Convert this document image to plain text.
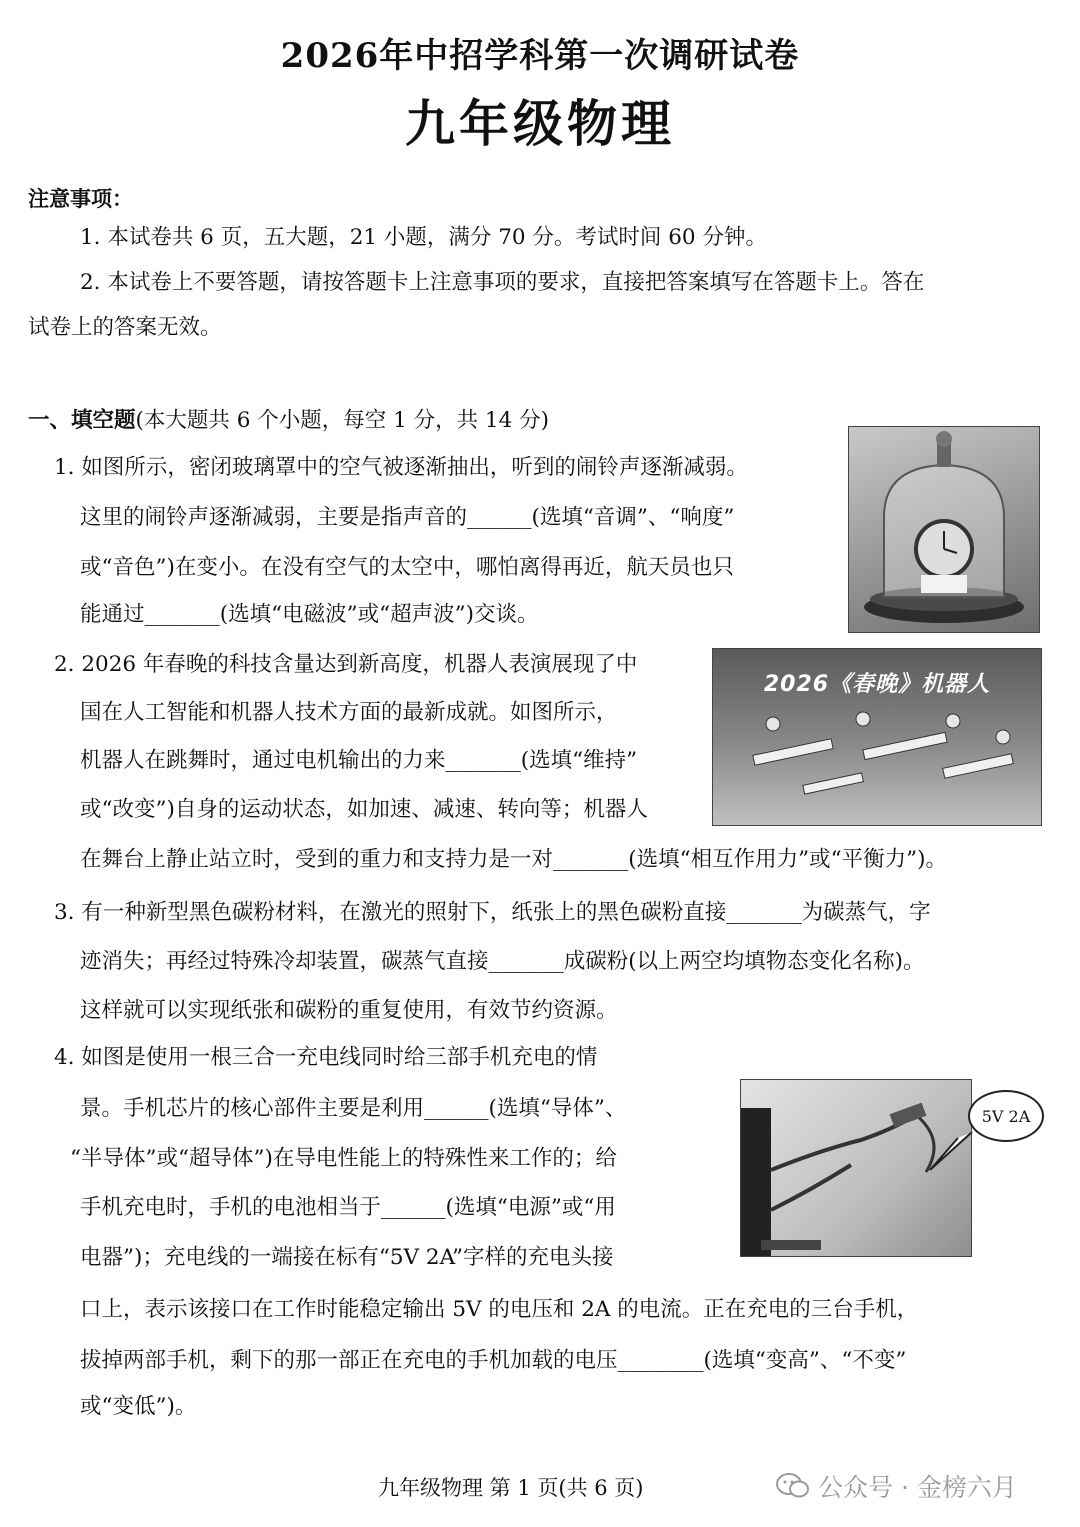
2026年中招学科第一次调研试卷
九年级物理
注意事项：
1. 本试卷共 6 页，五大题，21 小题，满分 70 分。考试时间 60 分钟。
2. 本试卷上不要答题，请按答题卡上注意事项的要求，直接把答案填写在答题卡上。答在
试卷上的答案无效。
一、填空题(本大题共 6 个小题，每空 1 分，共 14 分)
1. 如图所示，密闭玻璃罩中的空气被逐渐抽出，听到的闹铃声逐渐减弱。
这里的闹铃声逐渐减弱，主要是指声音的______(选填“音调”、“响度”
或“音色”)在变小。在没有空气的太空中，哪怕离得再近，航天员也只
能通过_______(选填“电磁波”或“超声波”)交谈。
2. 2026 年春晚的科技含量达到新高度，机器人表演展现了中
国在人工智能和机器人技术方面的最新成就。如图所示，
机器人在跳舞时，通过电机输出的力来_______(选填“维持”
或“改变”)自身的运动状态，如加速、减速、转向等；机器人
在舞台上静止站立时，受到的重力和支持力是一对_______(选填“相互作用力”或“平衡力”)。
2026《春晚》机器人
3. 有一种新型黑色碳粉材料，在激光的照射下，纸张上的黑色碳粉直接_______为碳蒸气，字
迹消失；再经过特殊冷却装置，碳蒸气直接_______成碳粉(以上两空均填物态变化名称)。
这样就可以实现纸张和碳粉的重复使用，有效节约资源。
4. 如图是使用一根三合一充电线同时给三部手机充电的情
景。手机芯片的核心部件主要是利用______(选填“导体”、
“半导体”或“超导体”)在导电性能上的特殊性来工作的；给
手机充电时，手机的电池相当于______(选填“电源”或“用
电器”)；充电线的一端接在标有“5V 2A”字样的充电头接
口上，表示该接口在工作时能稳定输出 5V 的电压和 2A 的电流。正在充电的三台手机，
拔掉两部手机，剩下的那一部正在充电的手机加载的电压________(选填“变高”、“不变”
或“变低”)。
5V 2A
九年级物理 第 1 页(共 6 页)	公众号 · 金榜六月
